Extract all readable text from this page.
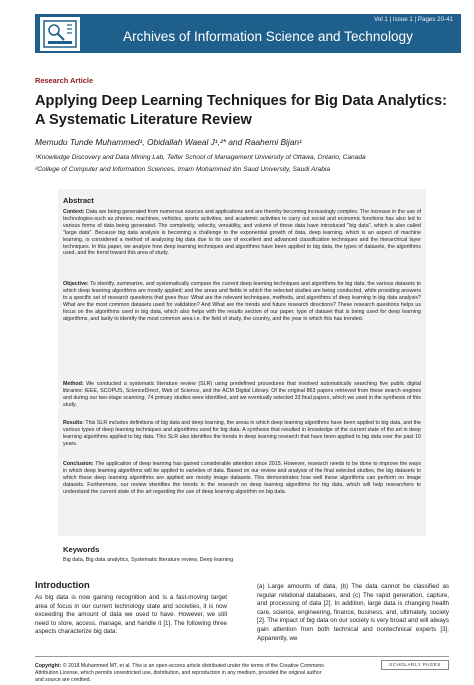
Vol 1 | Issue 1 | Pages 20-41
Archives of Information Science and Technology
Research Article
Applying Deep Learning Techniques for Big Data Analytics: A Systematic Literature Review
Memudu Tunde Muhammed¹, Obidallah Waeal J¹,²* and Raahemi Bijan¹
¹Knowledge Discovery and Data Mining Lab, Telfer School of Management University of Ottawa, Ontario, Canada
²College of Computer and Information Sciences, Imam Mohammed ibn Saud University, Saudi Arabia
Abstract
Context: Data are being generated from numerous sources and applications and are thereby becoming increasingly complex. The increase in the use of technologies-such as phones, machines, vehicles, sports activities, and academic activities to carry out social and economic functions has also led to various forms of data being generated. The complexity, velocity, versatility, and volume of these data have introduced "big data", which is also called "large data". Because big data analysis is becoming a challenge to the exponential growth of data, deep learning, which is an aspect of machine learning, is considered a method of analyzing big data due to its use of excellent and advanced classification techniques and the hierarchical layer techniques. In this paper, we analyze how deep learning techniques and algorithms have been applied to big data, the types of datasets, the algorithms used, and the trend toward this area of study.
Objective: To identify, summarize, and systematically compare the current deep learning techniques and algorithms for big data; the various datasets to which deep learning algorithms are mostly applied; and the areas and fields in which the selected studies are being conducted, while providing answers to a specific set of research questions that goes thus: What are the relevant techniques, methods, and algorithms of deep learning in big data analysis? What are the most common datasets used for validation? And What are the trends and future research directions? These research questions helps us focus on the algorithms used in big data, which also helps with the results section of our paper, type of dataset that is being used for deep learning algorithms, and lastly to identify the most common area i.e. the field of study, the country, and the year in which this has trended.
Method: We conducted a systematic literature review (SLR) using predefined procedures that involved automatically searching five public digital libraries: IEEE, SCOPUS, ScienceDirect, Web of Science, and the ACM Digital Library. Of the original 863 papers retrieved from these search engines and during our two-stage scanning, 74 primary studies were identified, and we eventually selected 33 final papers, which we used in the synthesis of this study.
Results: This SLR includes definitions of big data and deep learning, the areas in which deep learning algorithms have been applied to big data, and the various types of deep learning techniques and algorithms used for big data. A synthesis that resulted in knowledge of the current state of the art in deep learning algorithms applied to big data. This SLR also identifies the trends in deep learning research that have been applied to big data over the past 10 years.
Conclusion: The application of deep learning has gained considerable attention since 2015. However, research needs to be done to improve the ways in which deep learning algorithms will be applied to varieties of data. Based on our review and analysis of the final selected studies, the big datasets to which these deep learning algorithms are applied are mostly image datasets. This demonstrates how well these algorithms can perform on image datasets. Furthermore, our review identifies the trends in the research on deep learning algorithms for big data, which will help researchers to understand the current state of the art regarding the use of deep learning algorithm on big data.
Keywords
Big data, Big data analytics, Systematic literature review, Deep learning
Introduction
As big data is now gaining recognition and is a fast-moving target area of focus in our current technology state and societies, it is now exceeding the amount of data we used to have. However, we still need to store, access, manage, and handle it [1]. The following three aspects characterize big data:
(a) Large amounts of data, (b) The data cannot be classified as regular relational databases, and (c) The rapid generation, capture, and processing of data [2]. In addition, large data is changing health care, science, engineering, finance, business, and, ultimately, society [2]. The impact of big data on our society is very broad and will always gain attention from both technical and nontechnical experts [3]. Apparently, we
Copyright: © 2018 Muhammed MT, et al. This is an open-access article distributed under the terms of the Creative Commons Attribution License, which permits unrestricted use, distribution, and reproduction in any medium, provided the original author and source are credited.
SCHOLARLY PAGES
